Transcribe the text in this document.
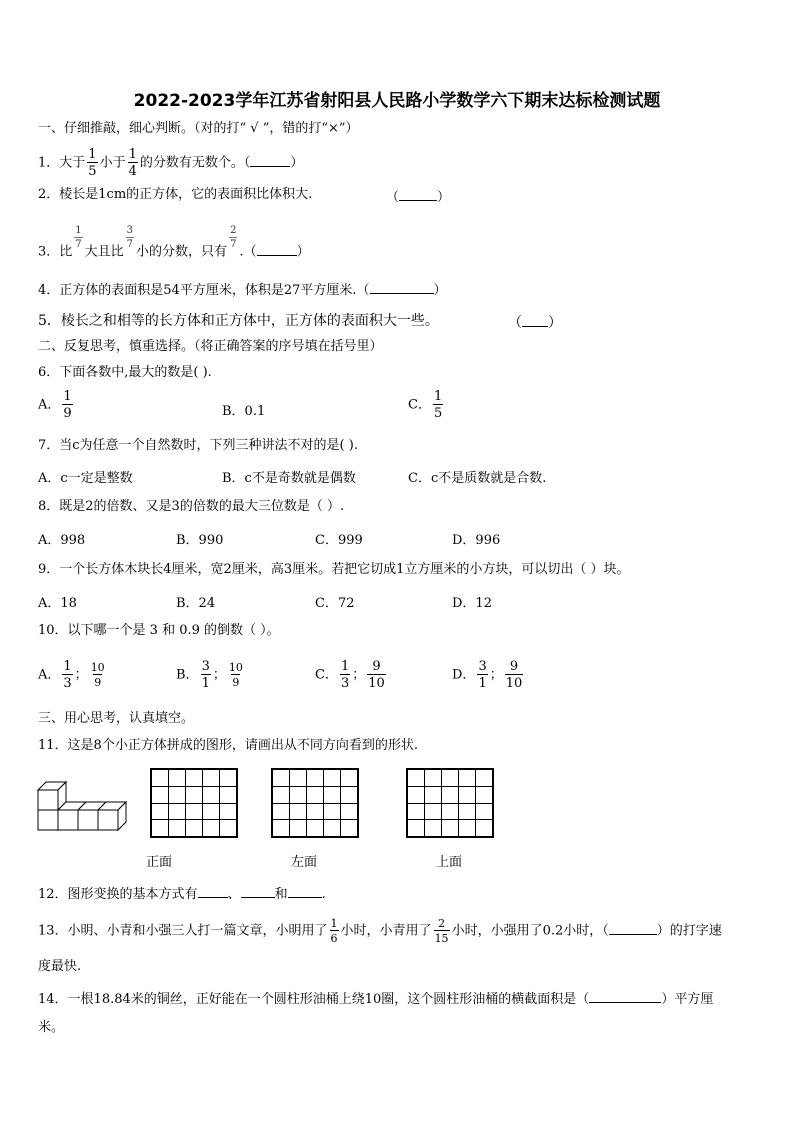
2022-2023学年江苏省射阳县人民路小学数学六下期末达标检测试题
一、仔细推敲，细心判断。（对的打“ √ ”，错的打“×”）
1．大于 $\frac{1}{5}$ 小于 $\frac{1}{4}$ 的分数有无数个。（	）
2．棱长是1cm的正方体，它的表面积比体积大.	（	）
3．比
$\frac{1}{7}$
大且比
$\frac{3}{7}$
小的分数，只有
$\frac{2}{7}$
.（	）
4．正方体的表面积是54平方厘米，体积是27平方厘米.（	）
5．棱长之和相等的长方体和正方体中，正方体的表面积大一些。	（ ）
二、反复思考，慎重选择。（将正确答案的序号填在括号里）
6．下面各数中,最大的数是( ).
A． $\frac{1}{9}$	B．0.1	C． $\frac{1}{5}$
7．当c为任意一个自然数时，下列三种讲法不对的是( ).
A．c一定是整数	B．c不是奇数就是偶数	C．c不是质数就是合数.
8．既是2的倍数、又是3的倍数的最大三位数是（ ）.
A．998	B．990	C．999	D．996
9．一个长方体木块长4厘米，宽2厘米，高3厘米。若把它切成1立方厘米的小方块，可以切出（ ）块。
A．18	B．24	C．72	D．12
10．以下哪一个是 3 和 0.9 的倒数（ ）。
A． $\frac{1}{3}$ ； $\frac{10}{9}$	B． $\frac{3}{1}$ ； $\frac{10}{9}$	C． $\frac{1}{3}$ ； $\frac{9}{10}$	D． $\frac{3}{1}$ ； $\frac{9}{10}$
三、用心思考，认真填空。
11．这是8个小正方体拼成的图形，请画出从不同方向看到的形状.

正面	左面	上面
12．图形变换的基本方式有 、	和	.
13．小明、小青和小强三人打一篇文章，小明用了 $\frac{1}{6}$ 小时，小青用了 $\frac{2}{15}$ 小时，小强用了0.2小时，（	）的打字速
度最快.
14．一根18.84米的铜丝，正好能在一个圆柱形油桶上绕10圈，这个圆柱形油桶的横截面积是（	）平方厘
米。
